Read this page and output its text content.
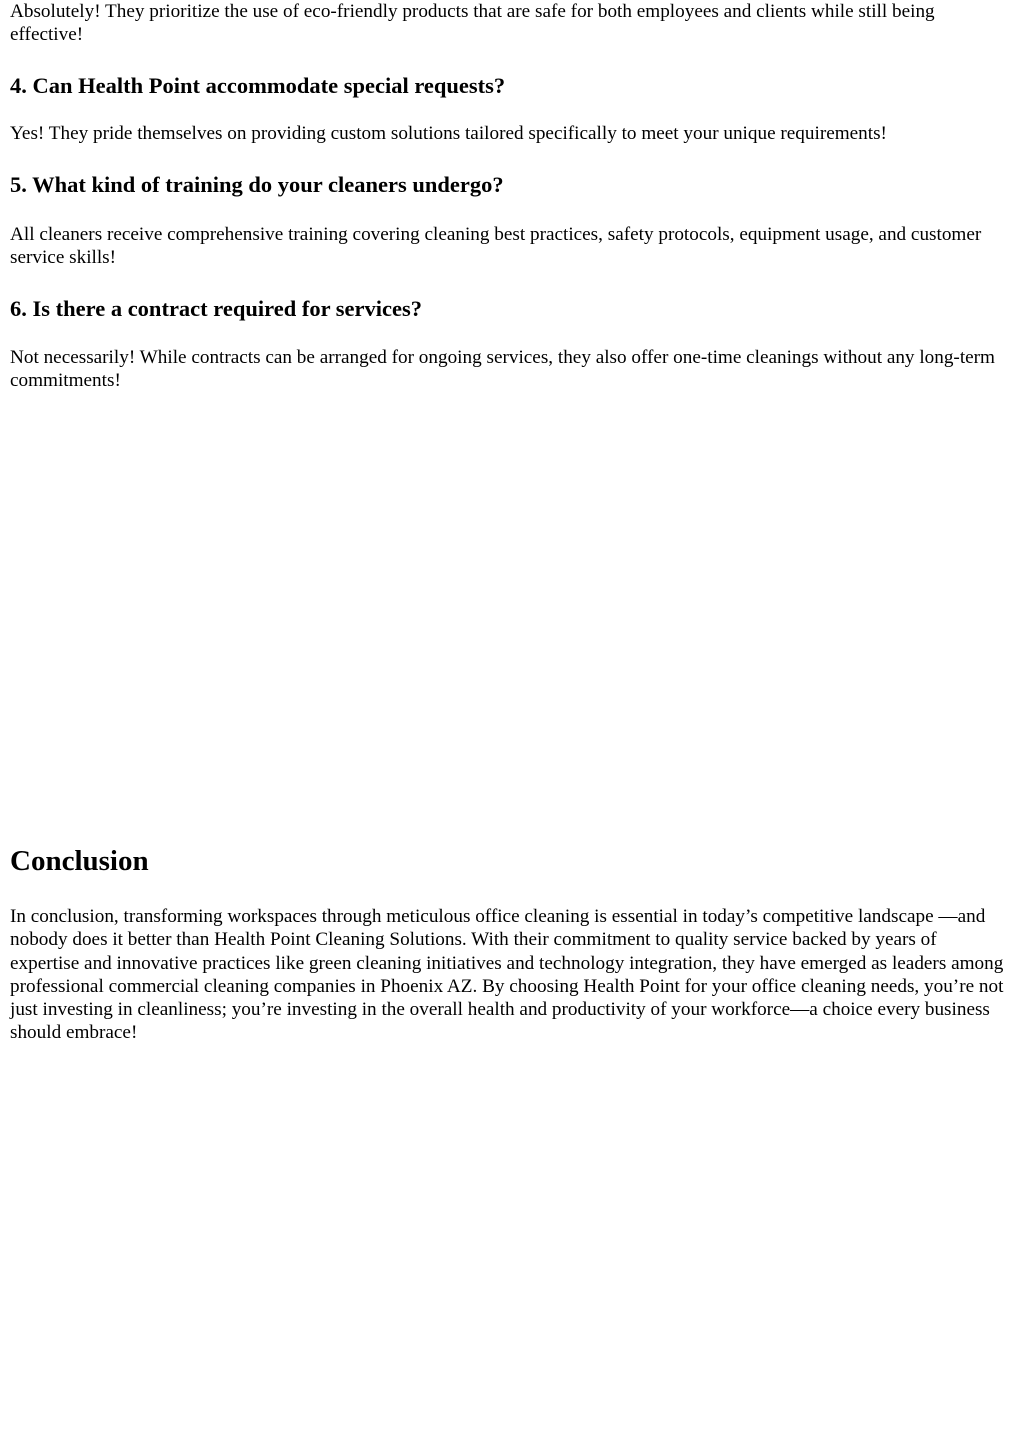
Absolutely! They prioritize the use of eco-friendly products that are safe for both employees and clients while still being effective!

4. Can Health Point accommodate special requests?

Yes! They pride themselves on providing custom solutions tailored specifically to meet your unique requirements!

5. What kind of training do your cleaners undergo?

All cleaners receive comprehensive training covering cleaning best practices, safety protocols, equipment usage, and customer service skills!

6. Is there a contract required for services?

Not necessarily! While contracts can be arranged for ongoing services, they also offer one-time cleanings without any long-term commitments!

Conclusion

In conclusion, transforming workspaces through meticulous office cleaning is essential in today’s competitive landscape —and nobody does it better than Health Point Cleaning Solutions. With their commitment to quality service backed by years of expertise and innovative practices like green cleaning initiatives and technology integration, they have emerged as leaders among professional commercial cleaning companies in Phoenix AZ. By choosing Health Point for your office cleaning needs, you’re not just investing in cleanliness; you’re investing in the overall health and productivity of your workforce—a choice every business should embrace!
